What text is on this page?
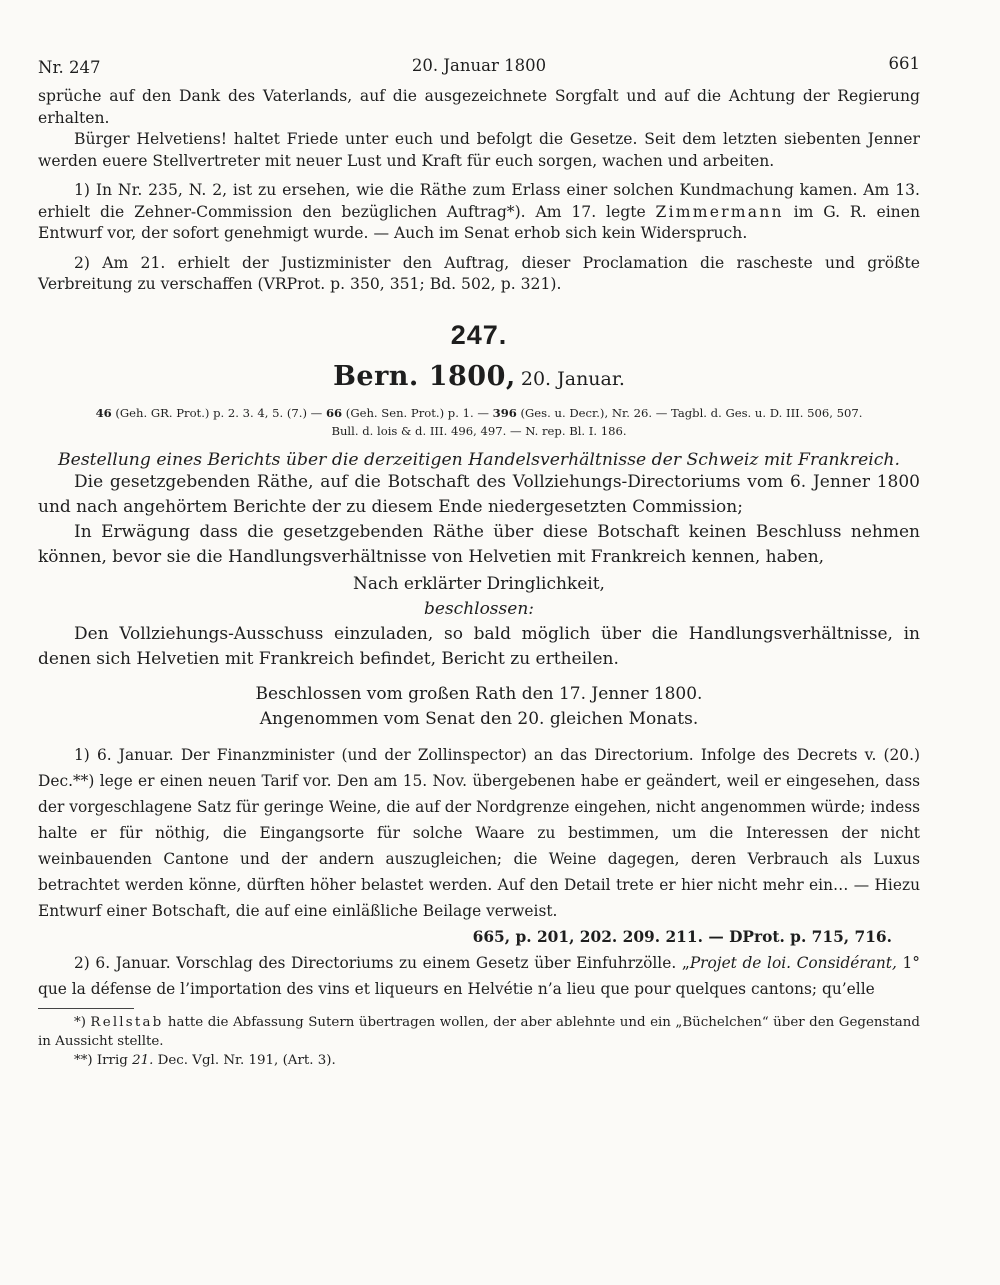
Nr. 247	20. Januar 1800	661

sprüche auf den Dank des Vaterlands, auf die ausgezeichnete Sorgfalt und auf die Achtung der Regierung erhalten.

Bürger Helvetiens! haltet Friede unter euch und befolgt die Gesetze. Seit dem letzten siebenten Jenner werden euere Stellvertreter mit neuer Lust und Kraft für euch sorgen, wachen und arbeiten.

1) In Nr. 235, N. 2, ist zu ersehen, wie die Räthe zum Erlass einer solchen Kundmachung kamen. Am 13. erhielt die Zehner-Commission den bezüglichen Auftrag*). Am 17. legte Zimmermann im G. R. einen Entwurf vor, der sofort genehmigt wurde. — Auch im Senat erhob sich kein Widerspruch.

2) Am 21. erhielt der Justizminister den Auftrag, dieser Proclamation die rascheste und größte Verbreitung zu verschaffen (VRProt. p. 350, 351; Bd. 502, p. 321).

247.
Bern. 1800, 20. Januar.
46 (Geh. GR. Prot.) p. 2. 3. 4, 5. (7.) — 66 (Geh. Sen. Prot.) p. 1. — 396 (Ges. u. Decr.), Nr. 26. — Tagbl. d. Ges. u. D. III. 506, 507.
Bull. d. lois & d. III. 496, 497. — N. rep. Bl. I. 186.
Bestellung eines Berichts über die derzeitigen Handelsverhältnisse der Schweiz mit Frankreich.

Die gesetzgebenden Räthe, auf die Botschaft des Vollziehungs-Directoriums vom 6. Jenner 1800 und nach angehörtem Berichte der zu diesem Ende niedergesetzten Commission;

In Erwägung dass die gesetzgebenden Räthe über diese Botschaft keinen Beschluss nehmen können, bevor sie die Handlungsverhältnisse von Helvetien mit Frankreich kennen, haben,

Nach erklärter Dringlichkeit,

beschlossen:

Den Vollziehungs-Ausschuss einzuladen, so bald möglich über die Handlungsverhältnisse, in denen sich Helvetien mit Frankreich befindet, Bericht zu ertheilen.

Beschlossen vom großen Rath den 17. Jenner 1800.

Angenommen vom Senat den 20. gleichen Monats.

1) 6. Januar. Der Finanzminister (und der Zollinspector) an das Directorium. Infolge des Decrets v. (20.) Dec.**) lege er einen neuen Tarif vor. Den am 15. Nov. übergebenen habe er geändert, weil er eingesehen, dass der vorgeschlagene Satz für geringe Weine, die auf der Nordgrenze eingehen, nicht angenommen würde; indess halte er für nöthig, die Eingangsorte für solche Waare zu bestimmen, um die Interessen der nicht weinbauenden Cantone und der andern auszugleichen; die Weine dagegen, deren Verbrauch als Luxus betrachtet werden könne, dürften höher belastet werden. Auf den Detail trete er hier nicht mehr ein… — Hiezu Entwurf einer Botschaft, die auf eine einläßliche Beilage verweist.

665, p. 201, 202. 209. 211. — DProt. p. 715, 716.

2) 6. Januar. Vorschlag des Directoriums zu einem Gesetz über Einfuhrzölle. „Projet de loi. Considérant, 1° que la défense de l’importation des vins et liqueurs en Helvétie n’a lieu que pour quelques cantons; qu’elle

*) Rellstab hatte die Abfassung Sutern übertragen wollen, der aber ablehnte und ein „Büchelchen“ über den Gegenstand in Aussicht stellte.

**) Irrig 21. Dec. Vgl. Nr. 191, (Art. 3).
